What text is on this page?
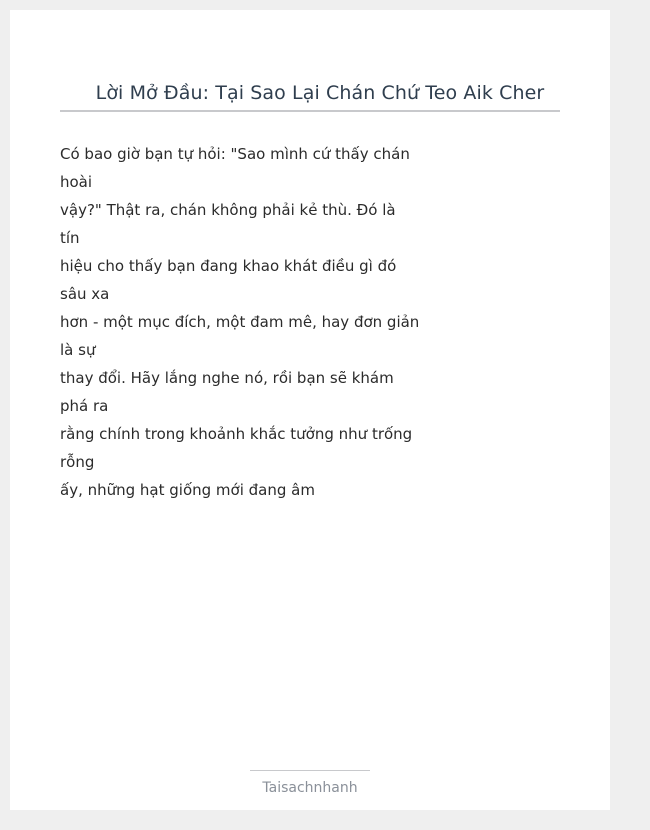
Lời Mở Đầu: Tại Sao Lại Chán Chứ Teo Aik Cher
Có bao giờ bạn tự hỏi: "Sao mình cứ thấy chán
hoài
vậy?" Thật ra, chán không phải kẻ thù. Đó là
tín
hiệu cho thấy bạn đang khao khát điều gì đó
sâu xa
hơn - một mục đích, một đam mê, hay đơn giản
là sự
thay đổi. Hãy lắng nghe nó, rồi bạn sẽ khám
phá ra
rằng chính trong khoảnh khắc tưởng như trống
rỗng
ấy, những hạt giống mới đang âm
Taisachnhanh
